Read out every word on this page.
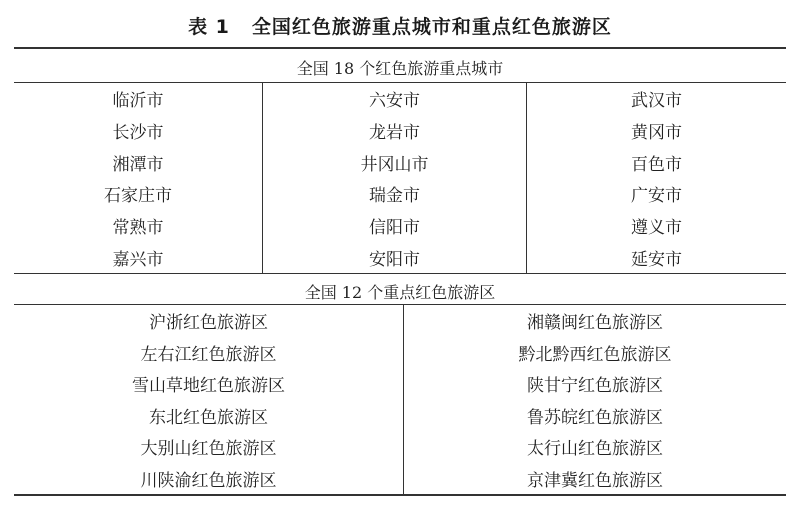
表 1 全国红色旅游重点城市和重点红色旅游区
全国 18 个红色旅游重点城市
全国 12 个重点红色旅游区
临沂市
长沙市
湘潭市
石家庄市
常熟市
嘉兴市
六安市
龙岩市
井冈山市
瑞金市
信阳市
安阳市
武汉市
黄冈市
百色市
广安市
遵义市
延安市
沪浙红色旅游区
左右江红色旅游区
雪山草地红色旅游区
东北红色旅游区
大别山红色旅游区
川陕渝红色旅游区
湘赣闽红色旅游区
黔北黔西红色旅游区
陕甘宁红色旅游区
鲁苏皖红色旅游区
太行山红色旅游区
京津冀红色旅游区
